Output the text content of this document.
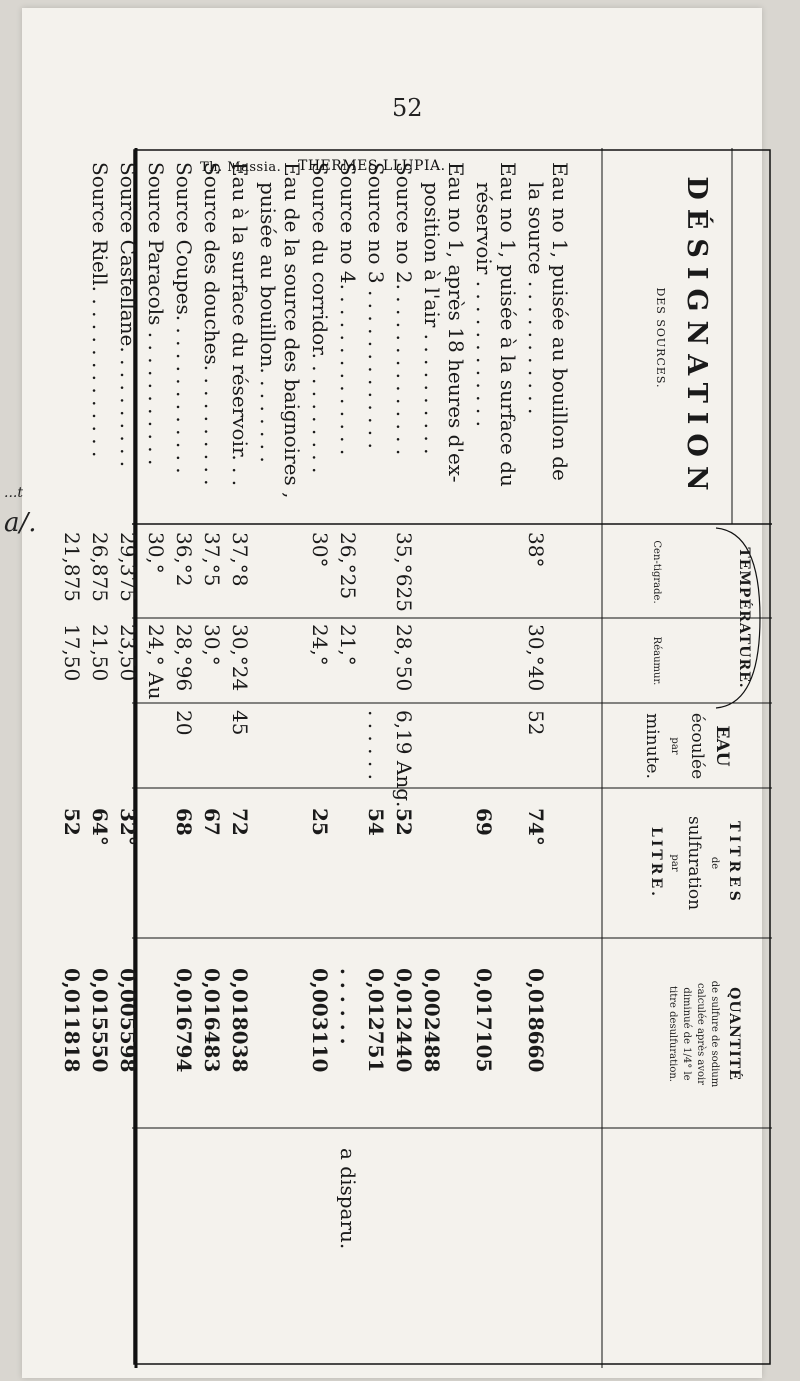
52
...t
a/.
DÉSIGNATION
DES SOURCES.
TEMPÉRATURE.
Cen-tigrade.
Réaumur.
EAU
écoulée
par
minute.
TITRES
de
sulfuration
par
LITRE.
QUANTITÉ
de sulfure de sodium
calculée après avoir
diminué de 1/4° le
titre desulfuration.
Eau no 1, puisée au bouillon de
la source . . . . . . . . . . .
38°
30,°40
52
74°
0,018660
Eau no 1, puisée à la surface du
réservoir . . . . . . . . . . . .
69
0,017105
Eau no 1, après 18 heures d'ex-
position à l'air . . . . . . . . . .
0,002488
Source no 2. . . . . . . . . . . . . .
35,°625
28,°50
6,19 Ang.
52
0,012440
Source no 3 . . . . . . . . . . . . .
. . . . . .
54
0,012751
Source no 4. . . . . . . . . . . . . .
26,°25
21,°
. . . . . .
a disparu.
Source du corridor. . . . . . . . . .
30°
24,°
25
0,003110
Eau de la source des baignoires ,
puisée au bouillon. . . . . . . .
Eau à la surface du réservoir. . .
37,°8
30,°24
45
72
0,018038
Source des douches. . . . . . . . . .
37,°5
30,°
67
0,016483
Source Coupes. . . . . . . . . . . . .
36,°2
28,°96
20
68
0,016794
Source Paracols . . . . . . . . . . .
30,°
24,° Au
Source Castellane. . . . . . . . . .
29,375
23,50
32°
0,005598
Source Riell. . . . . . . . . . . . . .
26,875
21,50
64°
0,015550
21,875
17,50
52
0,011818
Th. Massia. THERMES LLUPIA.
